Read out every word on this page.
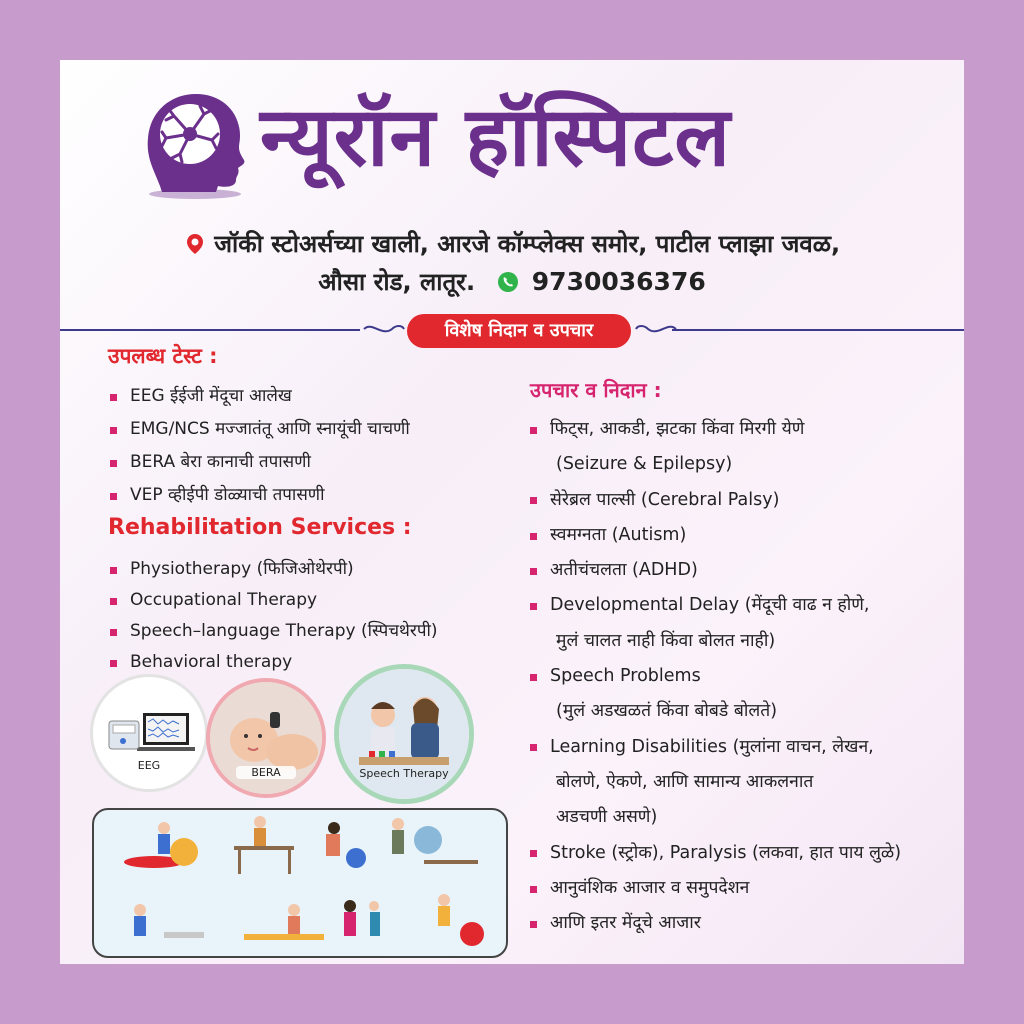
न्यूरॉन हॉस्पिटल
जॉकी स्टोअर्सच्या खाली, आरजे कॉम्प्लेक्स समोर, पाटील प्लाझा जवळ,
औसा रोड, लातूर. 9730036376
विशेष निदान व उपचार
उपलब्ध टेस्ट :
EEG ईईजी मेंदूचा आलेख
EMG/NCS मज्जातंतू आणि स्नायूंची चाचणी
BERA बेरा कानाची तपासणी
VEP व्हीईपी डोळ्याची तपासणी
Rehabilitation Services :
Physiotherapy (फिजिओथेरपी)
Occupational Therapy
Speech–language Therapy (स्पिचथेरपी)
Behavioral therapy
EEG
BERA	Speech Therapy
उपचार व निदान :
फिट्स, आकडी, झटका किंवा मिरगी येणे
(Seizure & Epilepsy)
सेरेब्रल पाल्सी (Cerebral Palsy)
स्वमग्नता (Autism)
अतीचंचलता (ADHD)
Developmental Delay (मेंदूची वाढ न होणे,
मुलं चालत नाही किंवा बोलत नाही)
Speech Problems
(मुलं अडखळतं किंवा बोबडे बोलते)
Learning Disabilities (मुलांना वाचन, लेखन,
बोलणे, ऐकणे, आणि सामान्य आकलनात
अडचणी असणे)
Stroke (स्ट्रोक), Paralysis (लकवा, हात पाय लुळे)
आनुवंशिक आजार व समुपदेशन
आणि इतर मेंदूचे आजार
